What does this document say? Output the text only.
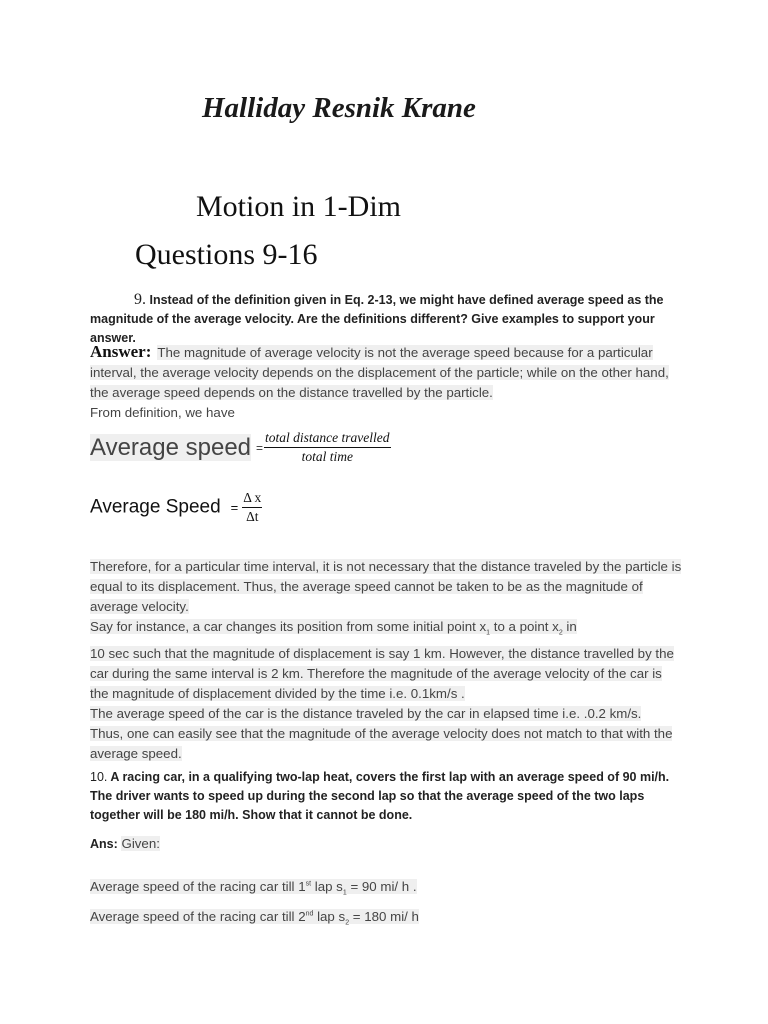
Halliday Resnik Krane
Motion in 1-Dim
Questions 9-16
9. Instead of the definition given in Eq. 2-13, we might have defined average speed as the magnitude of the average velocity. Are the definitions different? Give examples to support your answer.

Answer: The magnitude of average velocity is not the average speed because for a particular interval, the average velocity depends on the displacement of the particle; while on the other hand, the average speed depends on the distance travelled by the particle.

From definition, we have

Average speed = $\frac{\text{total distance travelled}}{\text{total time}}$
Average Speed = $\frac{\text{Δ x}}{\Delta t}$

Therefore, for a particular time interval, it is not necessary that the distance traveled by the particle is equal to its displacement. Thus, the average speed cannot be taken to be as the magnitude of average velocity.

Say for instance, a car changes its position from some initial point $x_1$ to a point $x_2$ in

10 sec such that the magnitude of displacement is say 1 km. However, the distance travelled by the car during the same interval is 2 km. Therefore the magnitude of the average velocity of the car is the magnitude of displacement divided by the time i.e. 0.1km/s .

The average speed of the car is the distance traveled by the car in elapsed time i.e. .0.2 km/s.

Thus, one can easily see that the magnitude of the average velocity does not match to that with the average speed.

10. A racing car, in a qualifying two-lap heat, covers the first lap with an average speed of 90 mi/h. The driver wants to speed up during the second lap so that the average speed of the two laps together will be 180 mi/h. Show that it cannot be done.
Ans: Given:

Average speed of the racing car till 1st lap $s_1 = 90$ mi/ h .

Average speed of the racing car till 2nd lap $s_2 = 180$ mi/ h
